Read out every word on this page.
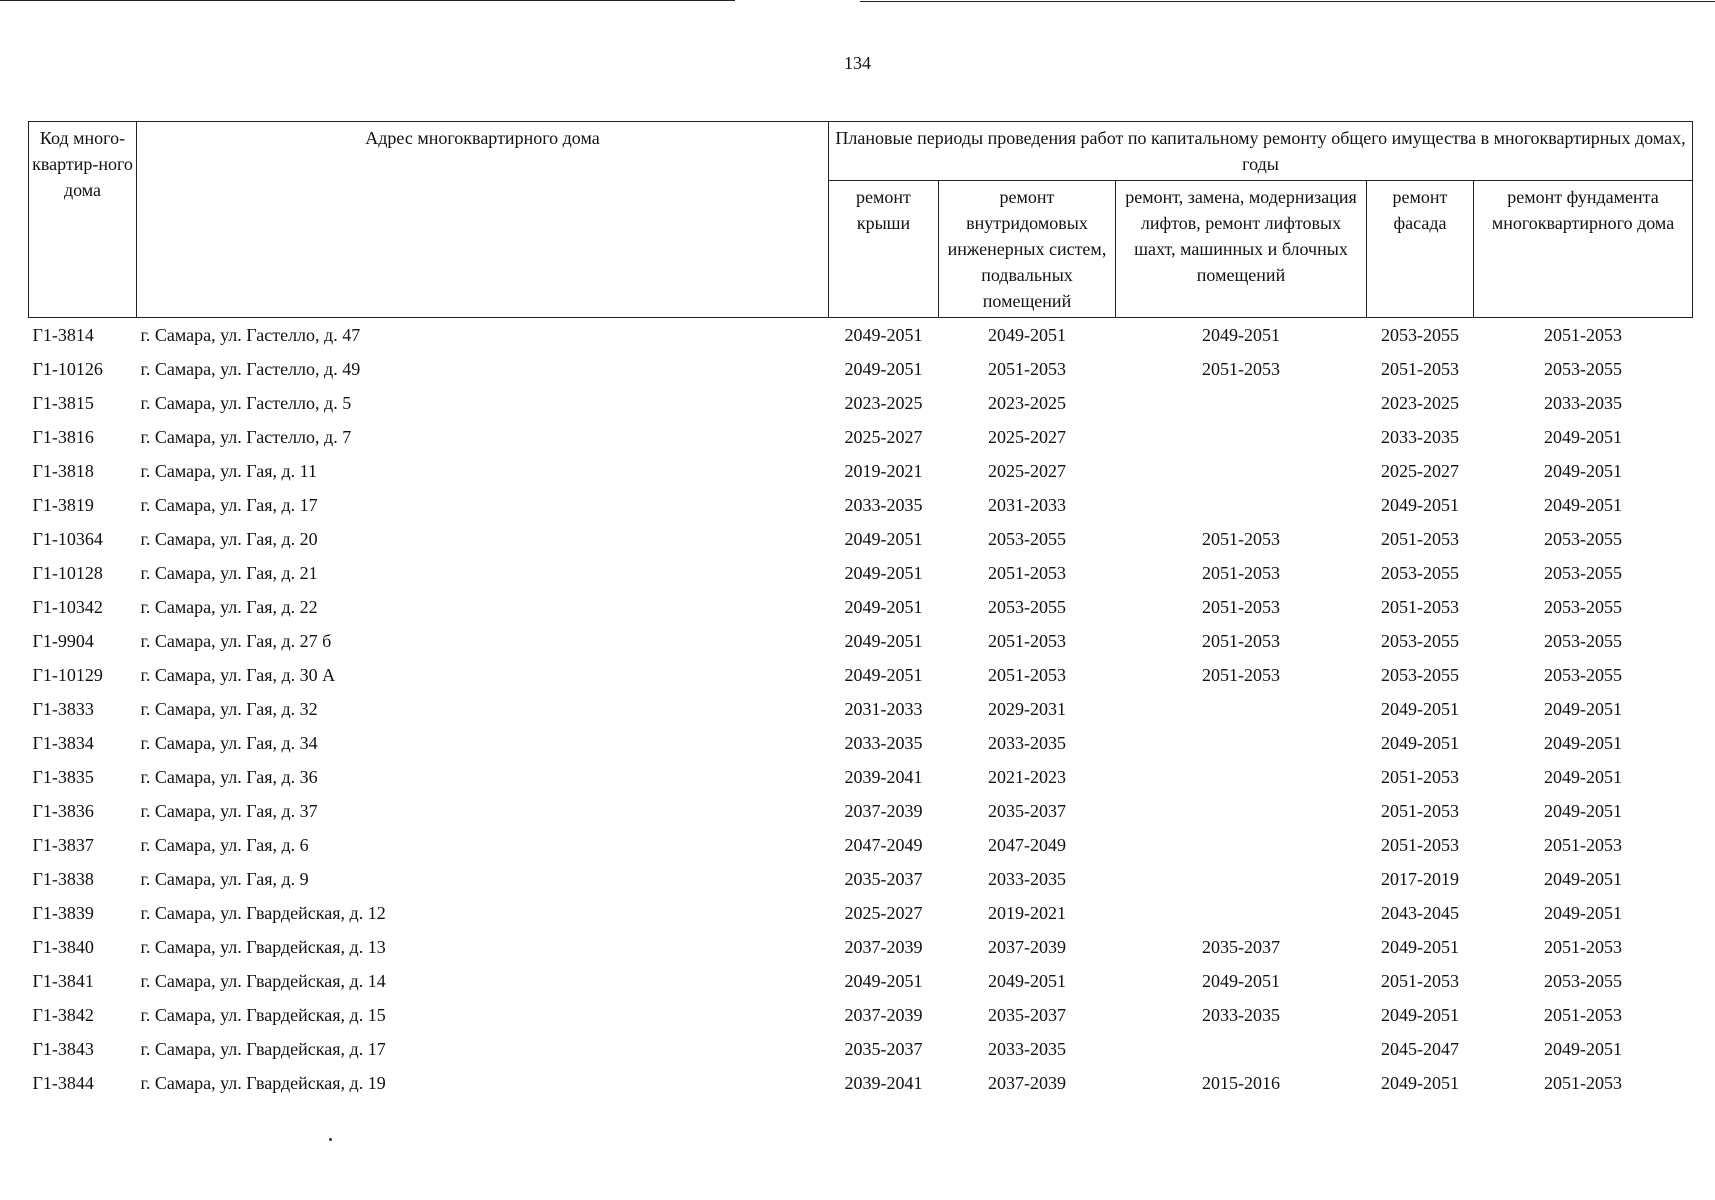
134
Код много-квартир-ного дома	Адрес многоквартирного дома	Плановые периоды проведения работ по капитальному ремонту общего имущества в многоквартирных домах, годы				
		ремонт крыши	ремонт внутридомовых инженерных систем, подвальных помещений	ремонт, замена, модернизация лифтов, ремонт лифтовых шахт, машинных и блочных помещений	ремонт фасада	ремонт фундамента многоквартирного дома
Г1-3814	г. Самара, ул. Гастелло, д. 47	2049-2051	2049-2051	2049-2051	2053-2055	2051-2053
Г1-10126	г. Самара, ул. Гастелло, д. 49	2049-2051	2051-2053	2051-2053	2051-2053	2053-2055
Г1-3815	г. Самара, ул. Гастелло, д. 5	2023-2025	2023-2025		2023-2025	2033-2035
Г1-3816	г. Самара, ул. Гастелло, д. 7	2025-2027	2025-2027		2033-2035	2049-2051
Г1-3818	г. Самара, ул. Гая, д. 11	2019-2021	2025-2027		2025-2027	2049-2051
Г1-3819	г. Самара, ул. Гая, д. 17	2033-2035	2031-2033		2049-2051	2049-2051
Г1-10364	г. Самара, ул. Гая, д. 20	2049-2051	2053-2055	2051-2053	2051-2053	2053-2055
Г1-10128	г. Самара, ул. Гая, д. 21	2049-2051	2051-2053	2051-2053	2053-2055	2053-2055
Г1-10342	г. Самара, ул. Гая, д. 22	2049-2051	2053-2055	2051-2053	2051-2053	2053-2055
Г1-9904	г. Самара, ул. Гая, д. 27 б	2049-2051	2051-2053	2051-2053	2053-2055	2053-2055
Г1-10129	г. Самара, ул. Гая, д. 30 А	2049-2051	2051-2053	2051-2053	2053-2055	2053-2055
Г1-3833	г. Самара, ул. Гая, д. 32	2031-2033	2029-2031		2049-2051	2049-2051
Г1-3834	г. Самара, ул. Гая, д. 34	2033-2035	2033-2035		2049-2051	2049-2051
Г1-3835	г. Самара, ул. Гая, д. 36	2039-2041	2021-2023		2051-2053	2049-2051
Г1-3836	г. Самара, ул. Гая, д. 37	2037-2039	2035-2037		2051-2053	2049-2051
Г1-3837	г. Самара, ул. Гая, д. 6	2047-2049	2047-2049		2051-2053	2051-2053
Г1-3838	г. Самара, ул. Гая, д. 9	2035-2037	2033-2035		2017-2019	2049-2051
Г1-3839	г. Самара, ул. Гвардейская, д. 12	2025-2027	2019-2021		2043-2045	2049-2051
Г1-3840	г. Самара, ул. Гвардейская, д. 13	2037-2039	2037-2039	2035-2037	2049-2051	2051-2053
Г1-3841	г. Самара, ул. Гвардейская, д. 14	2049-2051	2049-2051	2049-2051	2051-2053	2053-2055
Г1-3842	г. Самара, ул. Гвардейская, д. 15	2037-2039	2035-2037	2033-2035	2049-2051	2051-2053
Г1-3843	г. Самара, ул. Гвардейская, д. 17	2035-2037	2033-2035		2045-2047	2049-2051
Г1-3844	г. Самара, ул. Гвардейская, д. 19	2039-2041	2037-2039	2015-2016	2049-2051	2051-2053
